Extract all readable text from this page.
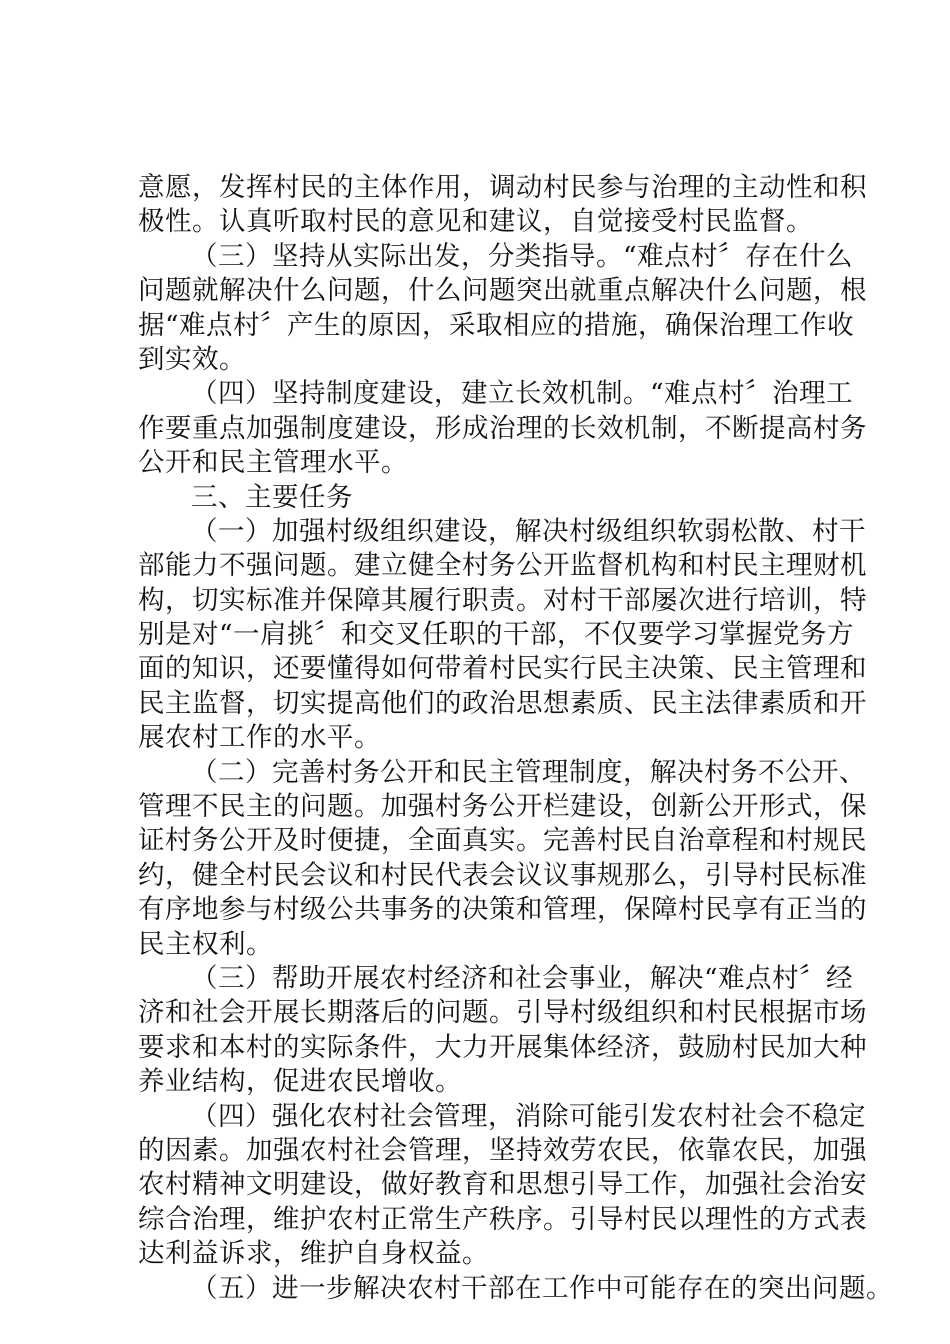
意愿，发挥村民的主体作用，调动村民参与治理的主动性和积
极性。认真听取村民的意见和建议，自觉接受村民监督。
（三）坚持从实际出发，分类指导。“难点村〞存在什么
问题就解决什么问题，什么问题突出就重点解决什么问题，根
据“难点村〞产生的原因，采取相应的措施，确保治理工作收
到实效。
（四）坚持制度建设，建立长效机制。“难点村〞治理工
作要重点加强制度建设，形成治理的长效机制，不断提高村务
公开和民主管理水平。
三、主要任务
（一）加强村级组织建设，解决村级组织软弱松散、村干
部能力不强问题。建立健全村务公开监督机构和村民主理财机
构，切实标准并保障其履行职责。对村干部屡次进行培训，特
别是对“一肩挑〞和交叉任职的干部，不仅要学习掌握党务方
面的知识，还要懂得如何带着村民实行民主决策、民主管理和
民主监督，切实提高他们的政治思想素质、民主法律素质和开
展农村工作的水平。
（二）完善村务公开和民主管理制度，解决村务不公开、
管理不民主的问题。加强村务公开栏建设，创新公开形式，保
证村务公开及时便捷，全面真实。完善村民自治章程和村规民
约，健全村民会议和村民代表会议议事规那么，引导村民标准
有序地参与村级公共事务的决策和管理，保障村民享有正当的
民主权利。
（三）帮助开展农村经济和社会事业，解决“难点村〞经
济和社会开展长期落后的问题。引导村级组织和村民根据市场
要求和本村的实际条件，大力开展集体经济，鼓励村民加大种
养业结构，促进农民增收。
（四）强化农村社会管理，消除可能引发农村社会不稳定
的因素。加强农村社会管理，坚持效劳农民，依靠农民，加强
农村精神文明建设，做好教育和思想引导工作，加强社会治安
综合治理，维护农村正常生产秩序。引导村民以理性的方式表
达利益诉求，维护自身权益。
（五）进一步解决农村干部在工作中可能存在的突出问题。
